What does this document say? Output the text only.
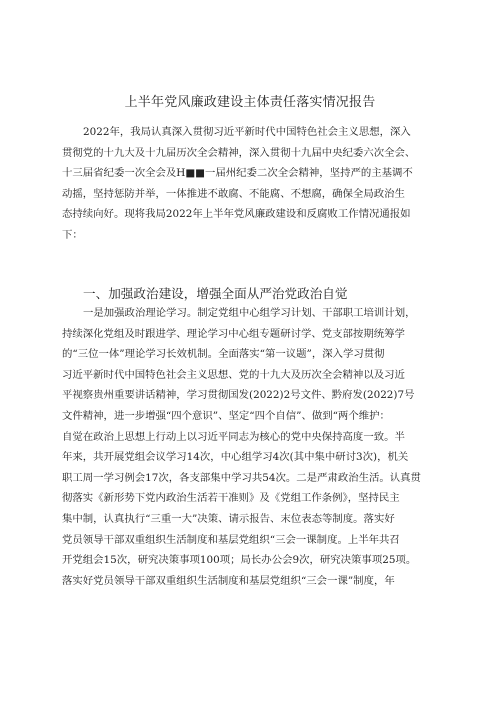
上半年党风廉政建设主体责任落实情况报告
2022年，我局认真深入贯彻习近平新时代中国特色社会主义思想，深入
贯彻党的十九大及十九届历次全会精神，深入贯彻十九届中央纪委六次全会、
十三届省纪委一次全会及H■■一届州纪委二次全会精神，坚持严的主基调不
动摇，坚持惩防并举，一体推进不敢腐、不能腐、不想腐，确保全局政治生
态持续向好。现将我局2022年上半年党风廉政建设和反腐败工作情况通报如
下：
一、加强政治建设，增强全面从严治党政治自觉
一是加强政治理论学习。制定党组中心组学习计划、干部职工培训计划，
持续深化党组及时跟进学、理论学习中心组专题研讨学、党支部按期统筹学
的“三位一体”理论学习长效机制。全面落实“第一议题”，深入学习贯彻
习近平新时代中国特色社会主义思想、党的十九大及历次全会精神以及习近
平视察贵州重要讲话精神，学习贯彻国发(2022)2号文件、黔府发(2022)7号
文件精神，进一步增强“四个意识”、坚定“四个自信”、做到“两个维护：
自觉在政治上思想上行动上以习近平同志为核心的党中央保持高度一致。半
年来，共开展党组会议学习14次，中心组学习4次(其中集中研讨3次)，机关
职工周一学习例会17次，各支部集中学习共54次。二是严肃政治生活。认真贯
彻落实《新形势下党内政治生活若干准则》及《党组工作条例》，坚持民主
集中制，认真执行“三重一大”决策、请示报告、末位表态等制度。落实好
党员领导干部双重组织生活制度和基层党组织“三会一课制度。上半年共召
开党组会15次，研究决策事项100项；局长办公会9次，研究决策事项25项。
落实好党员领导干部双重组织生活制度和基层党组织“三会一课”制度，年
